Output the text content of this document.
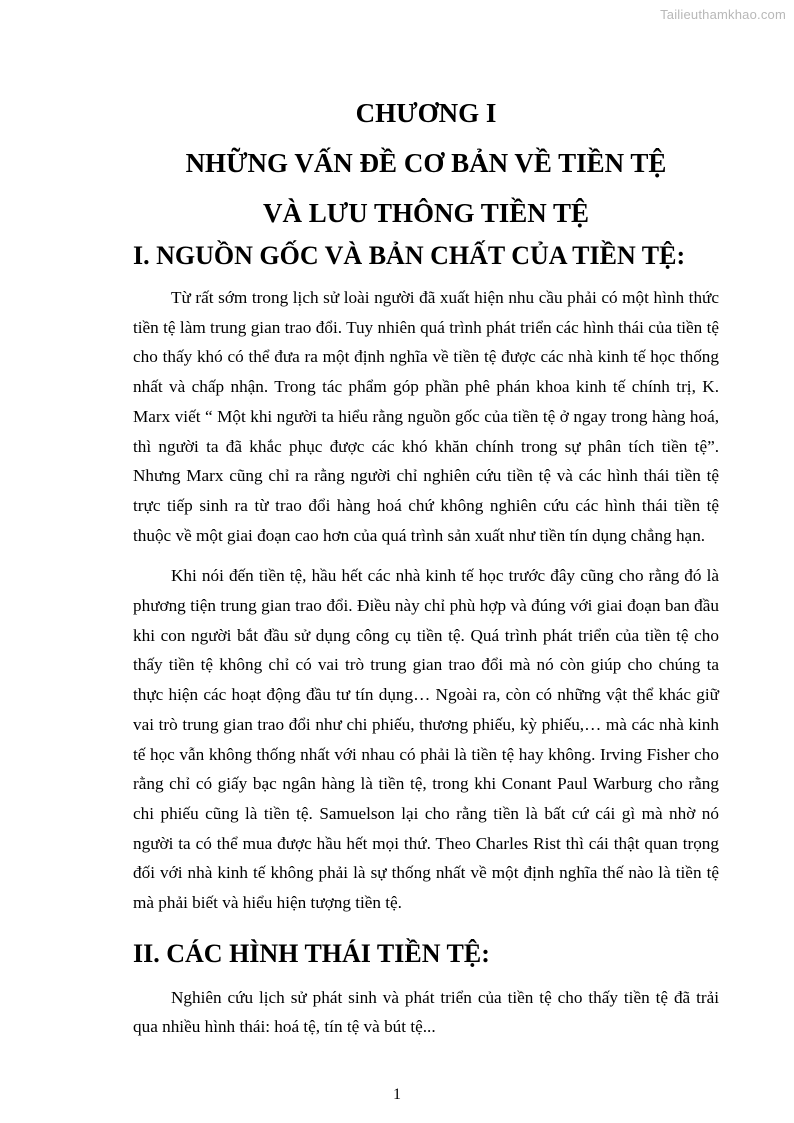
Tailieuthamkhao.com
CHƯƠNG I
NHỮNG VẤN ĐỀ CƠ BẢN VỀ TIỀN TỆ
VÀ LƯU THÔNG TIỀN TỆ
I. NGUỒN GỐC VÀ BẢN CHẤT CỦA TIỀN TỆ:

Từ rất sớm trong lịch sử loài người đã xuất hiện nhu cầu phải có một hình thức tiền tệ làm trung gian trao đổi. Tuy nhiên quá trình phát triển các hình thái của tiền tệ cho thấy khó có thể đưa ra một định nghĩa về tiền tệ được các nhà kinh tế học thống nhất và chấp nhận. Trong tác phẩm góp phần phê phán khoa kinh tế chính trị, K. Marx viết “ Một khi người ta hiểu rằng nguồn gốc của tiền tệ ở ngay trong hàng hoá, thì người ta đã khắc phục được các khó khăn chính trong sự phân tích tiền tệ”. Nhưng Marx cũng chỉ ra rằng người chỉ nghiên cứu tiền tệ và các hình thái tiền tệ trực tiếp sinh ra từ trao đổi hàng hoá chứ không nghiên cứu các hình thái tiền tệ thuộc về một giai đoạn cao hơn của quá trình sản xuất như tiền tín dụng chẳng hạn.

Khi nói đến tiền tệ, hầu hết các nhà kinh tế học trước đây cũng cho rằng đó là phương tiện trung gian trao đổi. Điều này chỉ phù hợp và đúng với giai đoạn ban đầu khi con người bắt đầu sử dụng công cụ tiền tệ. Quá trình phát triển của tiền tệ cho thấy tiền tệ không chỉ có vai trò trung gian trao đổi mà nó còn giúp cho chúng ta thực hiện các hoạt động đầu tư tín dụng… Ngoài ra, còn có những vật thể khác giữ vai trò trung gian trao đổi như chi phiếu, thương phiếu, kỳ phiếu,… mà các nhà kinh tế học vẫn không thống nhất với nhau có phải là tiền tệ hay không. Irving Fisher cho rằng chỉ có giấy bạc ngân hàng là tiền tệ, trong khi Conant Paul Warburg cho rằng chi phiếu cũng là tiền tệ. Samuelson lại cho rằng tiền là bất cứ cái gì mà nhờ nó người ta có thể mua được hầu hết mọi thứ. Theo Charles Rist thì cái thật quan trọng đối với nhà kinh tế không phải là sự thống nhất về một định nghĩa thế nào là tiền tệ mà phải biết và hiểu hiện tượng tiền tệ.

II. CÁC HÌNH THÁI TIỀN TỆ:

Nghiên cứu lịch sử phát sinh và phát triển của tiền tệ cho thấy tiền tệ đã trải qua nhiều hình thái: hoá tệ, tín tệ và bút tệ...

1
